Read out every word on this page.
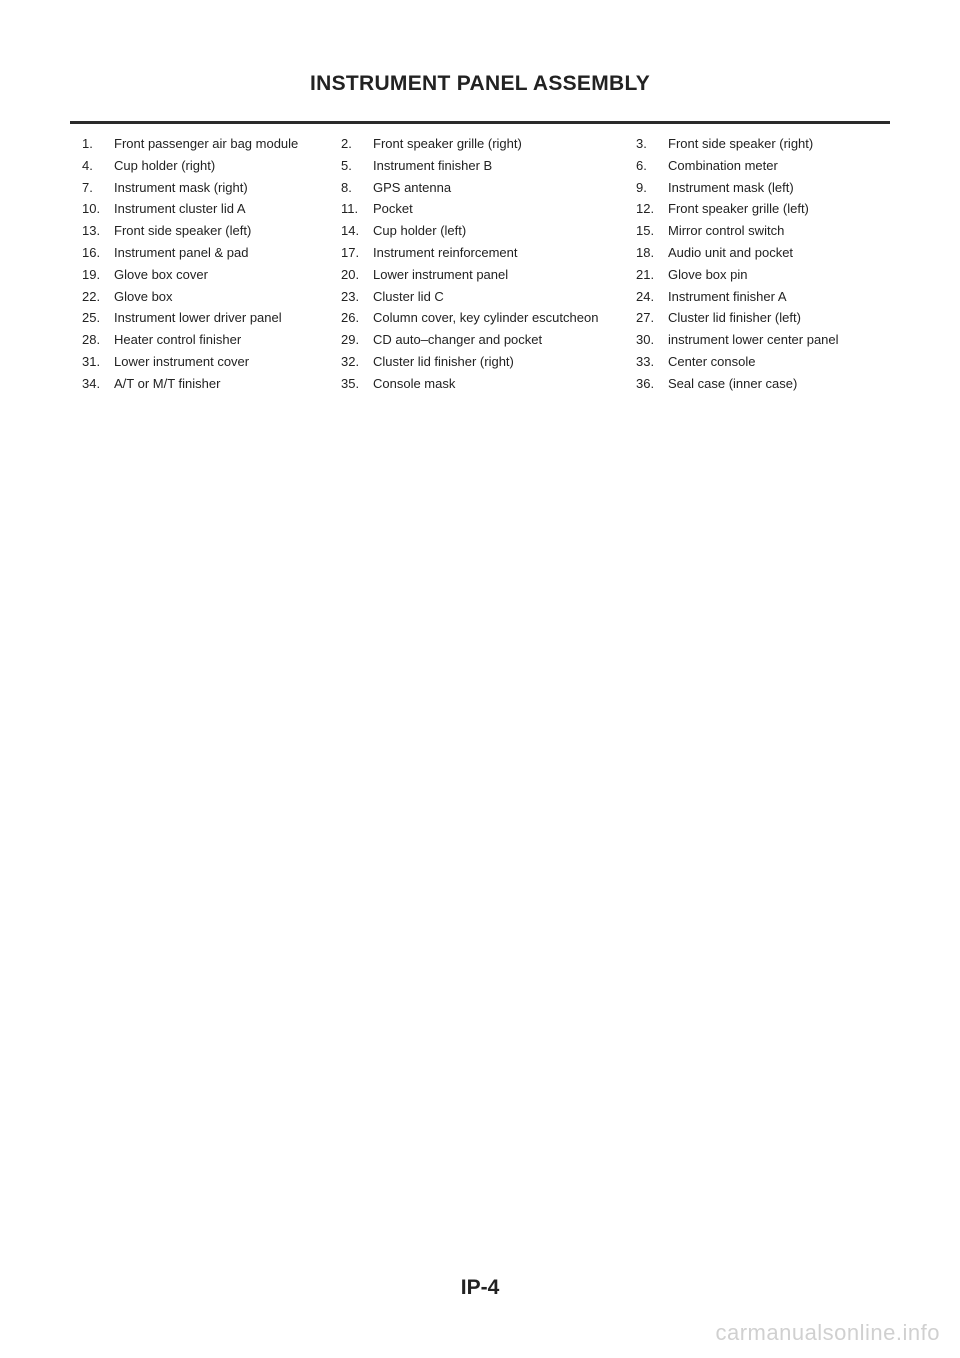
INSTRUMENT PANEL ASSEMBLY
1. Front passenger air bag module	2. Front speaker grille (right)	3. Front side speaker (right)
4. Cup holder (right)	5. Instrument finisher B	6. Combination meter
7. Instrument mask (right)	8. GPS antenna	9. Instrument mask (left)
10. Instrument cluster lid A	11. Pocket	12. Front speaker grille (left)
13. Front side speaker (left)	14. Cup holder (left)	15. Mirror control switch
16. Instrument panel & pad	17. Instrument reinforcement	18. Audio unit and pocket
19. Glove box cover	20. Lower instrument panel	21. Glove box pin
22. Glove box	23. Cluster lid C	24. Instrument finisher A
25. Instrument lower driver panel	26. Column cover, key cylinder escutcheon	27. Cluster lid finisher (left)
28. Heater control finisher	29. CD auto–changer and pocket	30. instrument lower center panel
31. Lower instrument cover	32. Cluster lid finisher (right)	33. Center console
34. A/T or M/T finisher	35. Console mask	36. Seal case (inner case)
IP-4
carmanualsonline.info
